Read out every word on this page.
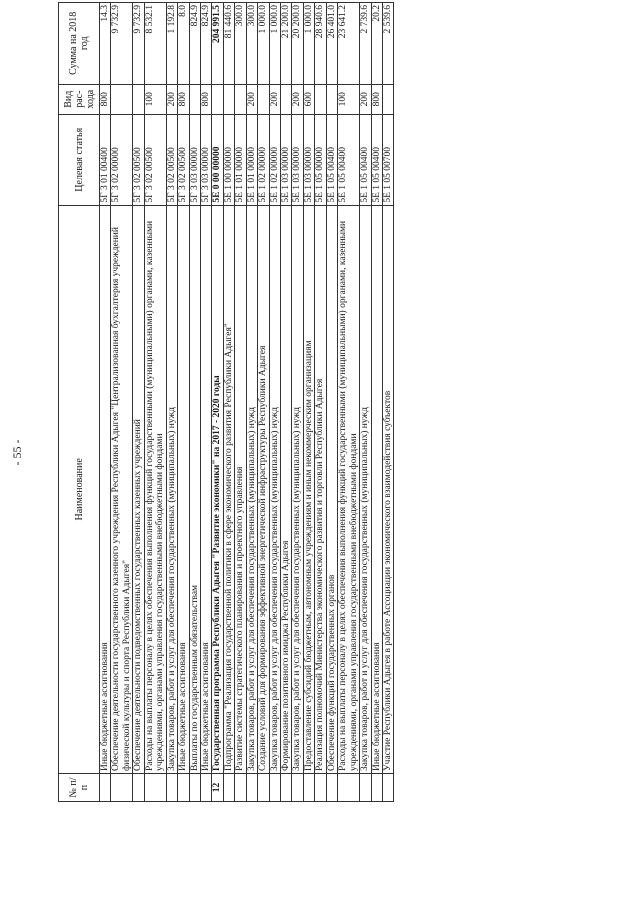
- 55 -
№ п/п	Наименование	Целевая статья	Вид рас-хода	Сумма на 2018 год
	Иные бюджетные ассигнования	5Г 3 01 00400	800	14.3
	Обеспечение деятельности государственного казенного учреждения Республики Адыгея "Централизованная бухгалтерия учреждений физической культуры и спорта Республики Адыгея"	5Г 3 02 00000		9 732.9
	Обеспечение деятельности подведомственных государственных казенных учреждений	5Г 3 02 00500		9 732.9
	Расходы на выплаты персоналу в целях обеспечения выполнения функций государственными (муниципальными) органами, казенными учреждениями, органами управления государственными внебюджетными фондами	5Г 3 02 00500	100	8 532.1
	Закупка товаров, работ и услуг для обеспечения государственных (муниципальных) нужд	5Г 3 02 00500	200	1 192.8
	Иные бюджетные ассигнования	5Г 3 02 00500	800	8.0
	Выплаты по государственным обязательствам	5Г 3 03 00000		824.9
	Иные бюджетные ассигнования	5Г 3 03 00000	800	824.9
12	Государственная программа Республики Адыгея "Развитие экономики" на 2017 - 2020 годы	5Е 0 00 00000		204 991.5
	Подпрограмма "Реализация государственной политики в сфере экономического развития Республики Адыгея"	5Е 1 00 00000		81 440.6
	Развитие системы стратегического планирования и проектного управления	5Е 1 01 00000		300.0
	Закупка товаров, работ и услуг для обеспечения государственных (муниципальных) нужд	5Е 1 01 00000	200	300.0
	Создание условий для формирования эффективной энергетической инфраструктуры Республики Адыгея	5Е 1 02 00000		1 000.0
	Закупка товаров, работ и услуг для обеспечения государственных (муниципальных) нужд	5Е 1 02 00000	200	1 000.0
	Формирование позитивного имиджа Республики Адыгея	5Е 1 03 00000		21 200.0
	Закупка товаров, работ и услуг для обеспечения государственных (муниципальных) нужд	5Е 1 03 00000	200	20 200.0
	Предоставление субсидий бюджетным, автономным учреждениям и иным некоммерческим организациям	5Е 1 03 00000	600	1 000.0
	Реализация полномочий Министерства экономического развития и торговли Республики Адыгея	5Е 1 05 00000		28 940.6
	Обеспечение функций государственных органов	5Е 1 05 00400		26 401.0
	Расходы на выплаты персоналу в целях обеспечения выполнения функций государственными (муниципальными) органами, казенными учреждениями, органами управления государственными внебюджетными фондами	5Е 1 05 00400	100	23 641.2
	Закупка товаров, работ и услуг для обеспечения государственных (муниципальных) нужд	5Е 1 05 00400	200	2 739.6
	Иные бюджетные ассигнования	5Е 1 05 00400	800	20.2
	Участие Республики Адыгея в работе Ассоциации экономического взаимодействия субъектов	5Е 1 05 00700		2 539.6
